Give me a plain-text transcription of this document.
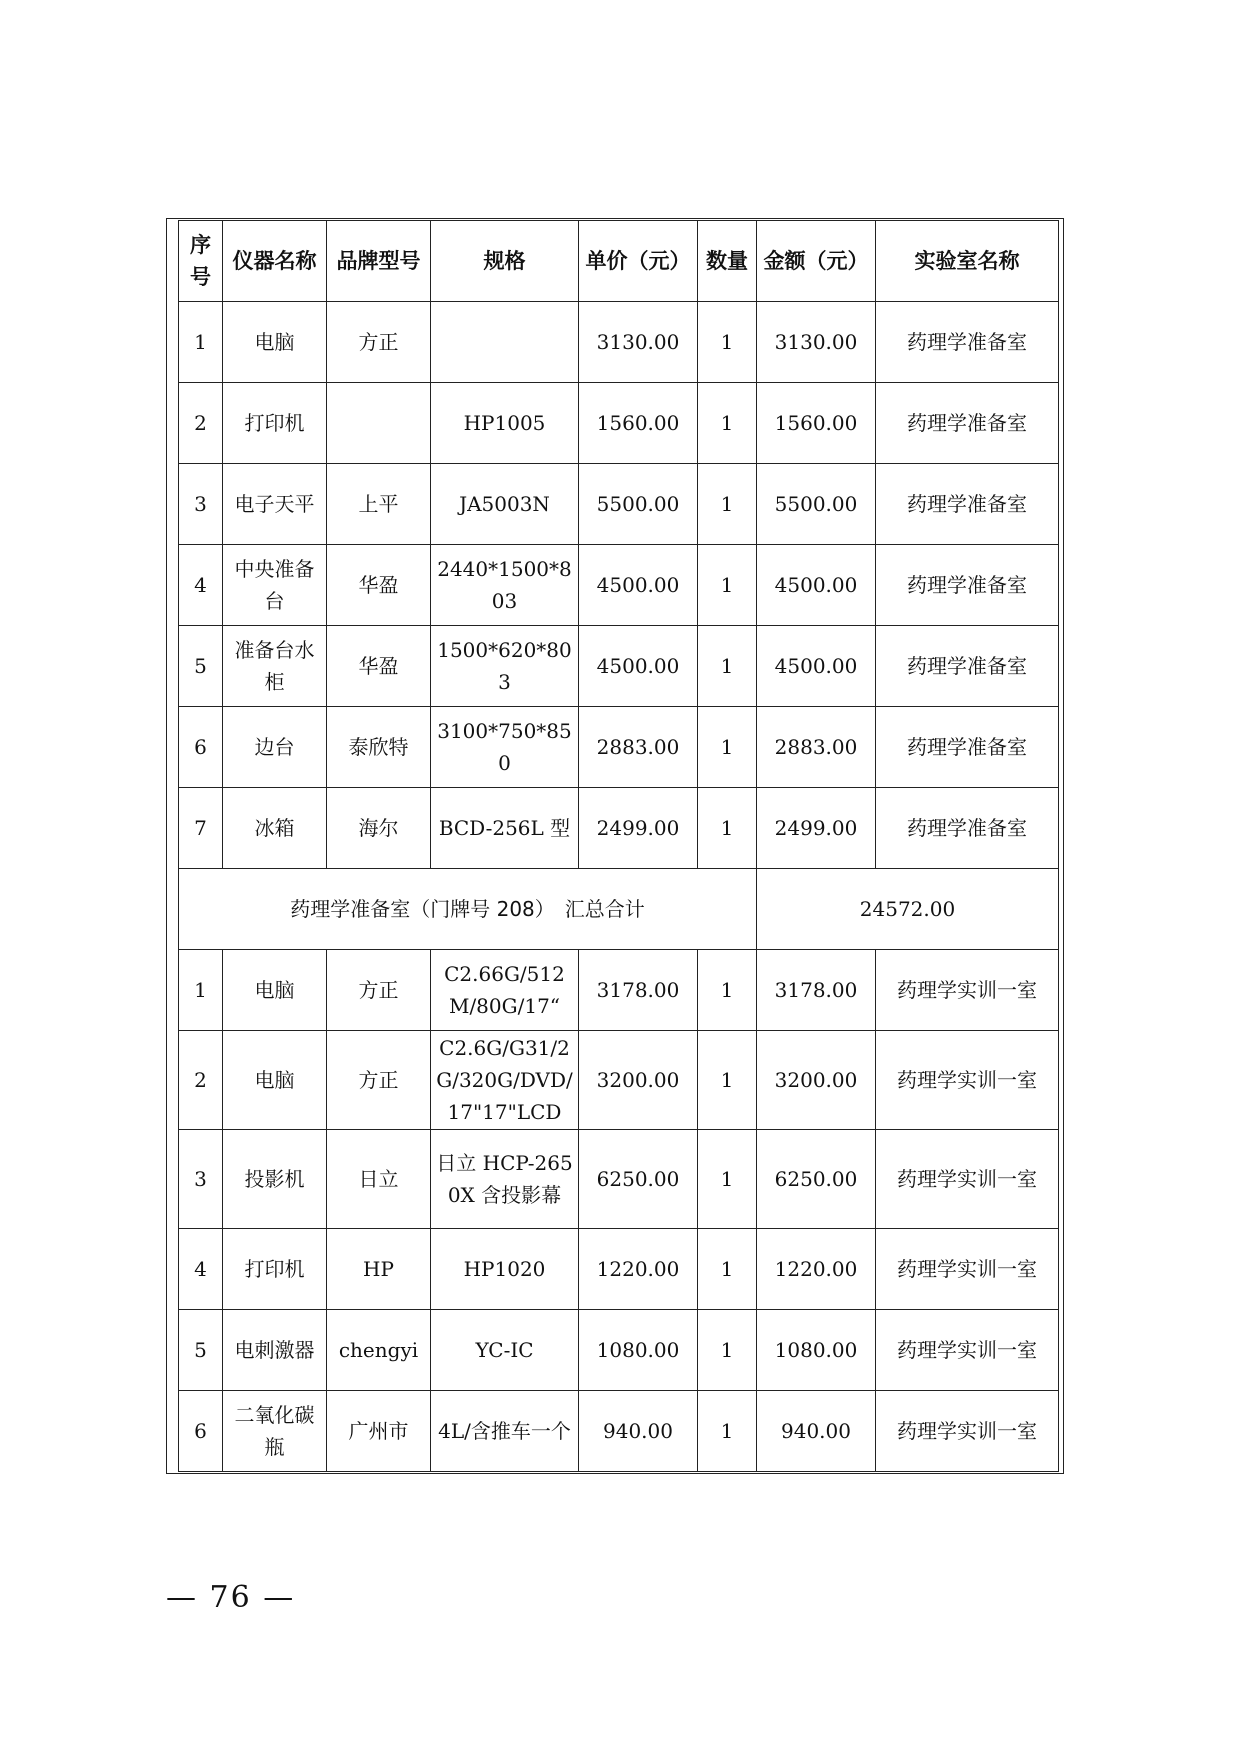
序号	仪器名称	品牌型号	规格	单价（元）	数量	金额（元）	实验室名称
1	电脑	方正		3130.00	1	3130.00	药理学准备室
2	打印机		HP1005	1560.00	1	1560.00	药理学准备室
3	电子天平	上平	JA5003N	5500.00	1	5500.00	药理学准备室
4	中央准备台	华盈	2440*1500*803	4500.00	1	4500.00	药理学准备室
5	准备台水柜	华盈	1500*620*803	4500.00	1	4500.00	药理学准备室
6	边台	泰欣特	3100*750*850	2883.00	1	2883.00	药理学准备室
7	冰箱	海尔	BCD-256L 型	2499.00	1	2499.00	药理学准备室
药理学准备室（门牌号 208）　汇总合计						24572.00	
1	电脑	方正	C2.66G/512M/80G/17“	3178.00	1	3178.00	药理学实训一室
2	电脑	方正	C2.6G/G31/2G/320G/DVD/17"17"LCD	3200.00	1	3200.00	药理学实训一室
3	投影机	日立	日立 HCP-2650X 含投影幕	6250.00	1	6250.00	药理学实训一室
4	打印机	HP	HP1020	1220.00	1	1220.00	药理学实训一室
5	电刺激器	chengyi	YC-IC	1080.00	1	1080.00	药理学实训一室
6	二氧化碳瓶	广州市	4L/含推车一个	940.00	1	940.00	药理学实训一室
— 76 —
